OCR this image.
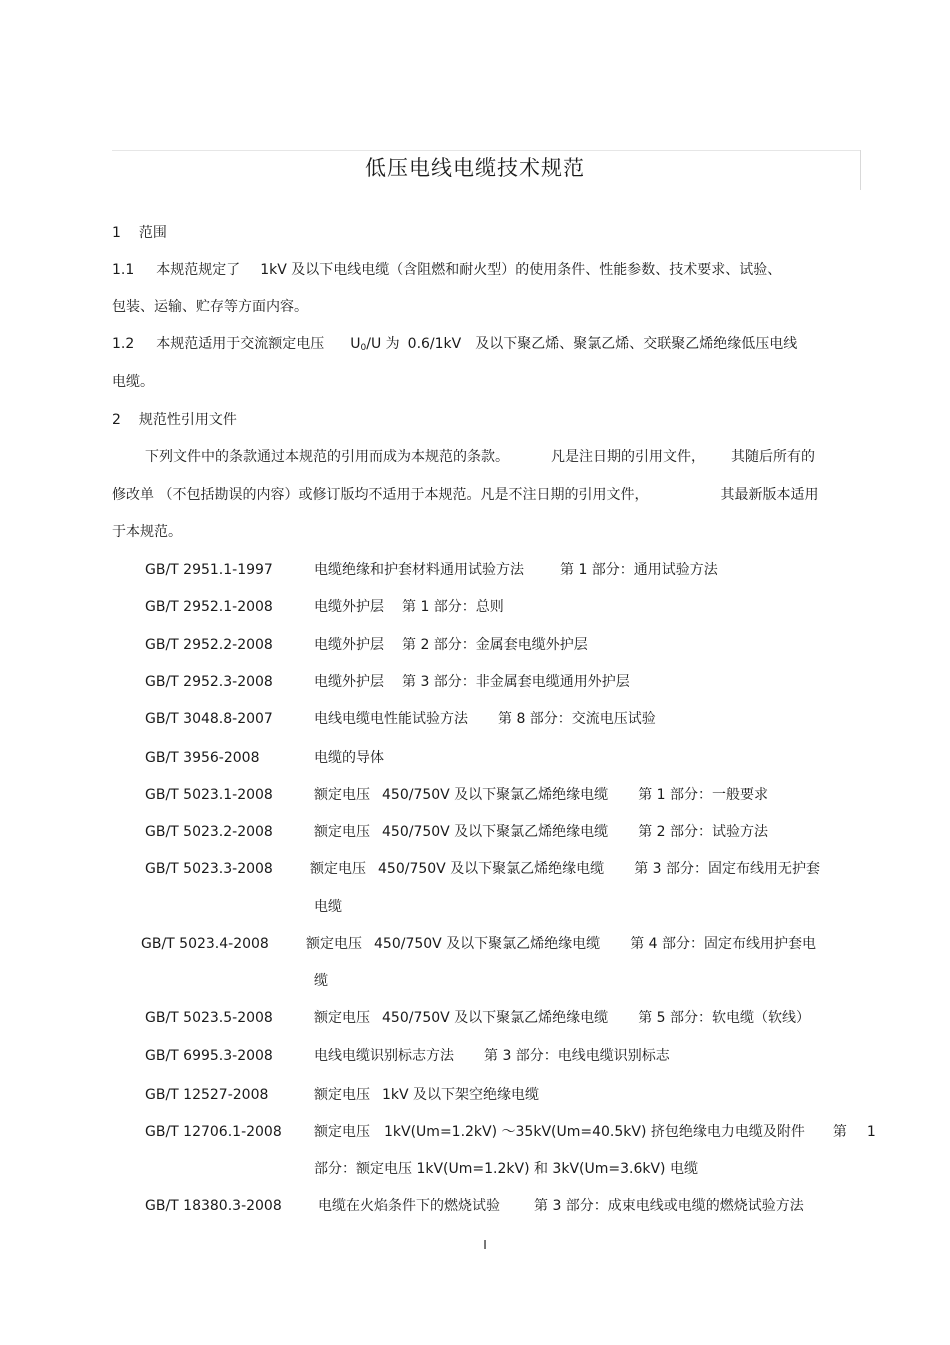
低压电线电缆技术规范
1 范围
1.1 本规范规定了 1kV 及以下电线电缆（含阻燃和耐火型）的使用条件、性能参数、技术要求、试验、
包装、运输、贮存等方面内容。
1.2 本规范适用于交流额定电压 $U_0/U$ 为 0.6/1kV 及以下聚乙烯、聚氯乙烯、交联聚乙烯绝缘低压电线
电缆。
2 规范性引用文件
下列文件中的条款通过本规范的引用而成为本规范的条款。	凡是注日期的引用文件， 其随后所有的
修改单 （不包括勘误的内容）或修订版均不适用于本规范。凡是不注日期的引用文件，	其最新版本适用
于本规范。
GB/T 2951.1-1997	电缆绝缘和护套材料通用试验方法	第 1 部分：通用试验方法
GB/T 2952.1-2008	电缆外护层 第 1 部分：总则
GB/T 2952.2-2008	电缆外护层 第 2 部分：金属套电缆外护层
GB/T 2952.3-2008	电缆外护层 第 3 部分：非金属套电缆通用外护层
GB/T 3048.8-2007	电线电缆电性能试验方法 第 8 部分：交流电压试验
GB/T 3956-2008	电缆的导体
GB/T 5023.1-2008	额定电压 450/750V 及以下聚氯乙烯绝缘电缆 第 1 部分：一般要求
GB/T 5023.2-2008	额定电压 450/750V 及以下聚氯乙烯绝缘电缆 第 2 部分：试验方法
GB/T 5023.3-2008	额定电压 450/750V 及以下聚氯乙烯绝缘电缆 第 3 部分：固定布线用无护套
电缆
GB/T 5023.4-2008	额定电压 450/750V 及以下聚氯乙烯绝缘电缆 第 4 部分：固定布线用护套电
缆
GB/T 5023.5-2008	额定电压 450/750V 及以下聚氯乙烯绝缘电缆 第 5 部分：软电缆（软线）
GB/T 6995.3-2008	电线电缆识别标志方法 第 3 部分：电线电缆识别标志
GB/T 12527-2008	额定电压 1kV 及以下架空绝缘电缆
GB/T 12706.1-2008 额定电压 1kV(Um=1.2kV) ～35kV(Um=40.5kV) 挤包绝缘电力电缆及附件 第 1
部分：额定电压 1kV(Um=1.2kV) 和 3kV(Um=3.6kV) 电缆
GB/T 18380.3-2008	电缆在火焰条件下的燃烧试验 第 3 部分：成束电线或电缆的燃烧试验方法
I
